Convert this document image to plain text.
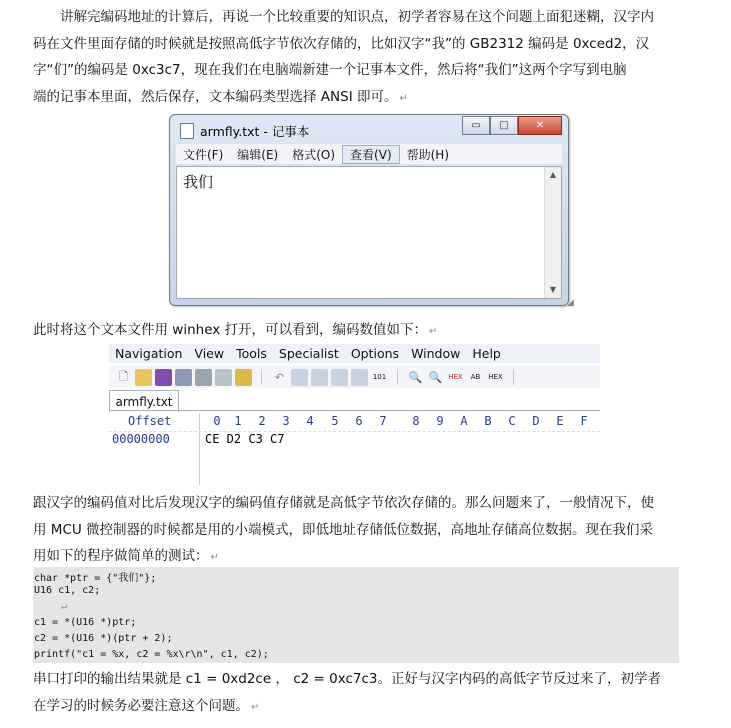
讲解完编码地址的计算后，再说一个比较重要的知识点，初学者容易在这个问题上面犯迷糊，汉字内
码在文件里面存储的时候就是按照高低字节依次存储的，比如汉字“我”的 GB2312 编码是 0xced2，汉
字“们”的编码是 0xc3c7，现在我们在电脑端新建一个记事本文件，然后将“我们”这两个字写到电脑
端的记事本里面，然后保存，文本编码类型选择 ANSI 即可。 ↵

armfly.txt - 记事本	▭	□	✕
文件(F)	编辑(E)	格式(O)	查看(V)	帮助(H)
我们	▲
▼
◢

此时将这个文本文件用 winhex 打开，可以看到，编码数值如下： ↵

Navigation View Tools Specialist Options Window Help
🗋	↶	101 🔍 🔍 HEX	AB	HEX
armfly.txt
Offset	0 1 2 3 4 5 6 7 8 9 A B C D E F
00000000	CE D2 C3 C7

跟汉字的编码值对比后发现汉字的编码值存储就是高低字节依次存储的。那么问题来了，一般情况下，使
用 MCU 微控制器的时候都是用的小端模式，即低地址存储低位数据，高地址存储高位数据。现在我们采
用如下的程序做简单的测试： ↵

char *ptr = {"我们"};
U16 c1, c2;
↵
c1 = *(U16 *)ptr;
c2 = *(U16 *)(ptr + 2);
printf("c1 = %x, c2 = %x\r\n", c1, c2);

串口打印的输出结果就是 c1 = 0xd2ce ， c2 = 0xc7c3。正好与汉字内码的高低字节反过来了，初学者
在学习的时候务必要注意这个问题。 ↵
